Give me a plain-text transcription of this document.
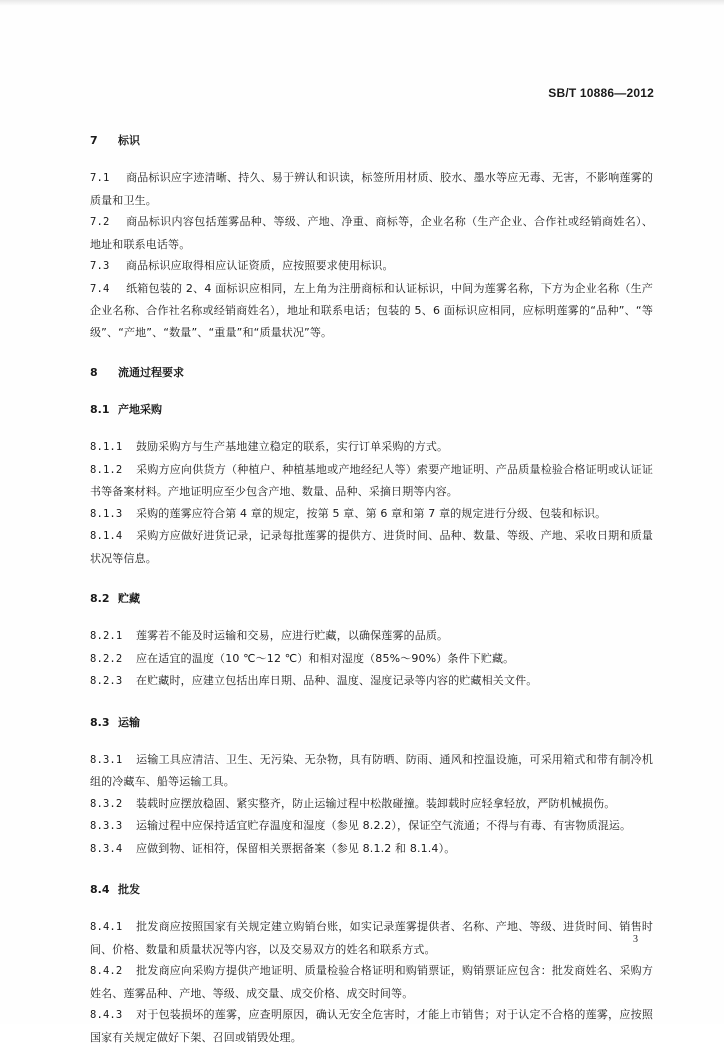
SB/T 10886—2012
7 标识

7.1 商品标识应字迹清晰、持久、易于辨认和识读，标签所用材质、胶水、墨水等应无毒、无害，不影响莲雾的质量和卫生。

7.2 商品标识内容包括莲雾品种、等级、产地、净重、商标等，企业名称（生产企业、合作社或经销商姓名）、地址和联系电话等。

7.3 商品标识应取得相应认证资质，应按照要求使用标识。

7.4 纸箱包装的 2、4 面标识应相同，左上角为注册商标和认证标识，中间为莲雾名称，下方为企业名称（生产企业名称、合作社名称或经销商姓名），地址和联系电话；包装的 5、6 面标识应相同，应标明莲雾的“品种”、“等级”、“产地”、“数量”、“重量”和“质量状况”等。

8 流通过程要求
8.1 产地采购

8.1.1 鼓励采购方与生产基地建立稳定的联系，实行订单采购的方式。

8.1.2 采购方应向供货方（种植户、种植基地或产地经纪人等）索要产地证明、产品质量检验合格证明或认证证书等备案材料。产地证明应至少包含产地、数量、品种、采摘日期等内容。

8.1.3 采购的莲雾应符合第 4 章的规定，按第 5 章、第 6 章和第 7 章的规定进行分级、包装和标识。

8.1.4 采购方应做好进货记录，记录每批莲雾的提供方、进货时间、品种、数量、等级、产地、采收日期和质量状况等信息。

8.2 贮藏

8.2.1 莲雾若不能及时运输和交易，应进行贮藏，以确保莲雾的品质。

8.2.2 应在适宜的温度（10 ℃～12 ℃）和相对湿度（85%～90%）条件下贮藏。

8.2.3 在贮藏时，应建立包括出库日期、品种、温度、湿度记录等内容的贮藏相关文件。

8.3 运输

8.3.1 运输工具应清洁、卫生、无污染、无杂物，具有防晒、防雨、通风和控温设施，可采用箱式和带有制冷机组的冷藏车、船等运输工具。

8.3.2 装载时应摆放稳固、紧实整齐，防止运输过程中松散碰撞。装卸载时应轻拿轻放，严防机械损伤。

8.3.3 运输过程中应保持适宜贮存温度和湿度（参见 8.2.2），保证空气流通；不得与有毒、有害物质混运。

8.3.4 应做到物、证相符，保留相关票据备案（参见 8.1.2 和 8.1.4）。

8.4 批发

8.4.1 批发商应按照国家有关规定建立购销台账，如实记录莲雾提供者、名称、产地、等级、进货时间、销售时间、价格、数量和质量状况等内容，以及交易双方的姓名和联系方式。

8.4.2 批发商应向采购方提供产地证明、质量检验合格证明和购销票证，购销票证应包含：批发商姓名、采购方姓名、莲雾品种、产地、等级、成交量、成交价格、成交时间等。

8.4.3 对于包装损坏的莲雾，应查明原因，确认无安全危害时，才能上市销售；对于认定不合格的莲雾，应按照国家有关规定做好下架、召回或销毁处理。

3
